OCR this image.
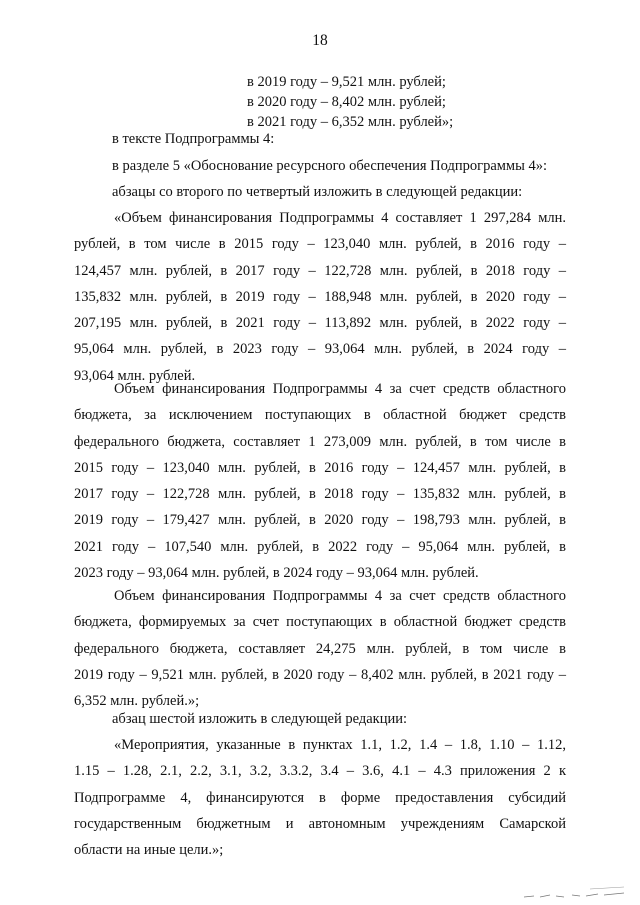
18
в 2019 году – 9,521 млн. рублей;
в 2020 году – 8,402 млн. рублей;
в 2021 году – 6,352 млн. рублей»;
в тексте Подпрограммы 4:
в разделе 5 «Обоснование ресурсного обеспечения Подпрограммы 4»:
абзацы со второго по четвертый изложить в следующей редакции:
«Объем финансирования Подпрограммы 4 составляет 1 297,284 млн.
рублей, в том числе в 2015 году – 123,040 млн. рублей, в 2016 году –
124,457 млн. рублей, в 2017 году – 122,728 млн. рублей, в 2018 году –
135,832 млн. рублей, в 2019 году – 188,948 млн. рублей, в 2020 году –
207,195 млн. рублей, в 2021 году – 113,892 млн. рублей, в 2022 году –
95,064 млн. рублей, в 2023 году – 93,064 млн. рублей, в 2024 году –
93,064 млн. рублей.
Объем финансирования Подпрограммы 4 за счет средств областного
бюджета, за исключением поступающих в областной бюджет средств
федерального бюджета, составляет 1 273,009 млн. рублей, в том числе в
2015 году – 123,040 млн. рублей, в 2016 году – 124,457 млн. рублей, в
2017 году – 122,728 млн. рублей, в 2018 году – 135,832 млн. рублей, в
2019 году – 179,427 млн. рублей, в 2020 году – 198,793 млн. рублей, в
2021 году – 107,540 млн. рублей, в 2022 году – 95,064 млн. рублей, в
2023 году – 93,064 млн. рублей, в 2024 году – 93,064 млн. рублей.
Объем финансирования Подпрограммы 4 за счет средств областного
бюджета, формируемых за счет поступающих в областной бюджет средств
федерального бюджета, составляет 24,275 млн. рублей, в том числе в
2019 году – 9,521 млн. рублей, в 2020 году – 8,402 млн. рублей, в 2021 году –
6,352 млн. рублей.»;
абзац шестой изложить в следующей редакции:
«Мероприятия, указанные в пунктах 1.1, 1.2, 1.4 – 1.8, 1.10 – 1.12,
1.15 – 1.28, 2.1, 2.2, 3.1, 3.2, 3.3.2, 3.4 – 3.6, 4.1 – 4.3 приложения 2 к
Подпрограмме 4, финансируются в форме предоставления субсидий
государственным бюджетным и автономным учреждениям Самарской
области на иные цели.»;
